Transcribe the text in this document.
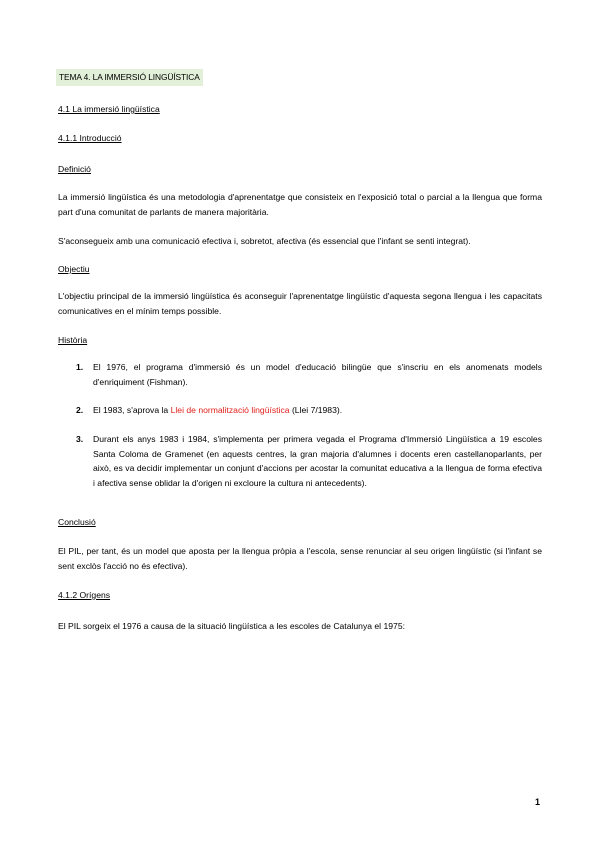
TEMA 4. LA IMMERSIÓ LINGÜÍSTICA
4.1 La immersió lingüística
4.1.1 Introducció
Definició
La immersió lingüística és una metodologia d'aprenentatge que consisteix en l'exposició total o parcial a la llengua que forma part d'una comunitat de parlants de manera majoritària.
S'aconsegueix amb una comunicació efectiva i, sobretot, afectiva (és essencial que l'infant se senti integrat).
Objectiu
L'objectiu principal de la immersió lingüística és aconseguir l'aprenentatge lingüístic d'aquesta segona llengua i les capacitats comunicatives en el mínim temps possible.
Història
1. El 1976, el programa d'immersió és un model d'educació bilingüe que s'inscriu en els anomenats models d'enriquiment (Fishman).
2. El 1983, s'aprova la Llei de normalització lingüística (Llei 7/1983).
3. Durant els anys 1983 i 1984, s'implementa per primera vegada el Programa d'Immersió Lingüística a 19 escoles Santa Coloma de Gramenet (en aquests centres, la gran majoria d'alumnes i docents eren castellanoparlants, per això, es va decidir implementar un conjunt d'accions per acostar la comunitat educativa a la llengua de forma efectiva i afectiva sense oblidar la d'origen ni excloure la cultura ni antecedents).
Conclusió
El PIL, per tant, és un model que aposta per la llengua pròpia a l'escola, sense renunciar al seu origen lingüístic (si l'infant se sent exclòs l'acció no és efectiva).
4.1.2 Orígens
El PIL sorgeix el 1976 a causa de la situació lingüística a les escoles de Catalunya el 1975:
1
